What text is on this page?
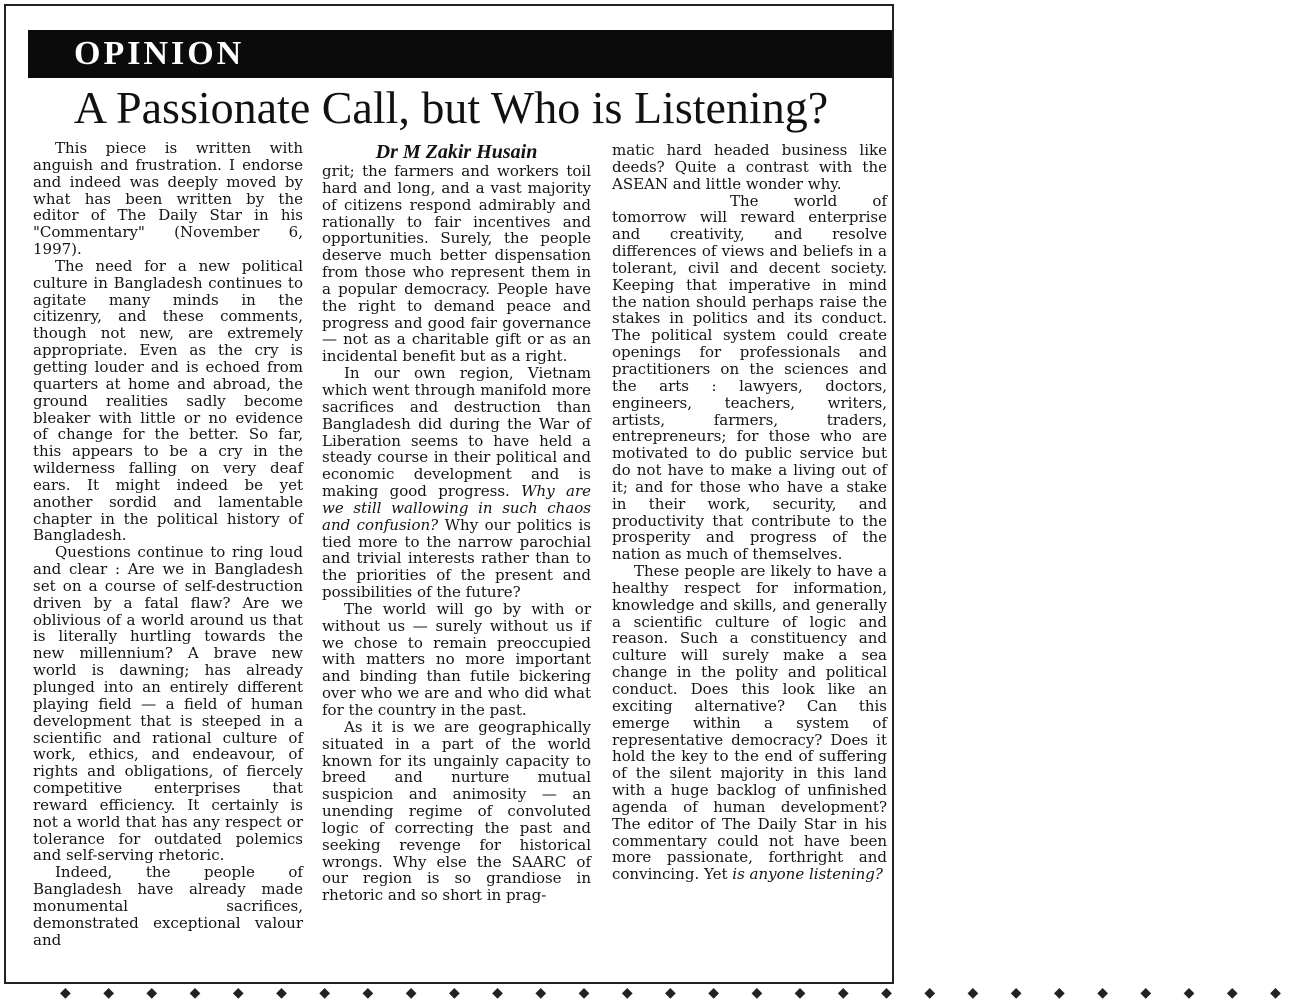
OPINION
A Passionate Call, but Who is Listening?

This piece is written with anguish and frustration. I endorse and indeed was deeply moved by what has been written by the editor of The Daily Star in his "Commentary" (November 6, 1997).

The need for a new political culture in Bangladesh continues to agitate many minds in the citizenry, and these comments, though not new, are extremely appropriate. Even as the cry is getting louder and is echoed from quarters at home and abroad, the ground realities sadly become bleaker with little or no evidence of change for the better. So far, this appears to be a cry in the wilderness falling on very deaf ears. It might indeed be yet another sordid and lamentable chapter in the political history of Bangladesh.

Questions continue to ring loud and clear : Are we in Bangladesh set on a course of self-destruction driven by a fatal flaw? Are we oblivious of a world around us that is literally hurtling towards the new millennium? A brave new world is dawning; has already plunged into an entirely different playing field — a field of human development that is steeped in a scientific and rational culture of work, ethics, and endeavour, of rights and obligations, of fiercely competitive enterprises that reward efficiency. It certainly is not a world that has any respect or tolerance for outdated polemics and self-serving rhetoric.

Indeed, the people of Bangladesh have already made monumental sacrifices, demonstrated exceptional valour and

Dr M Zakir Husain

grit; the farmers and workers toil hard and long, and a vast majority of citizens respond admirably and rationally to fair incentives and opportunities. Surely, the people deserve much better dispensation from those who represent them in a popular democracy. People have the right to demand peace and progress and good fair governance — not as a charitable gift or as an incidental benefit but as a right.

In our own region, Vietnam which went through manifold more sacrifices and destruction than Bangladesh did during the War of Liberation seems to have held a steady course in their political and economic development and is making good progress. Why are we still wallowing in such chaos and confusion? Why our politics is tied more to the narrow parochial and trivial interests rather than to the priorities of the present and possibilities of the future?

The world will go by with or without us — surely without us if we chose to remain preoccupied with matters no more important and binding than futile bickering over who we are and who did what for the country in the past.

As it is we are geographically situated in a part of the world known for its ungainly capacity to breed and nurture mutual suspicion and animosity — an unending regime of convoluted logic of correcting the past and seeking revenge for historical wrongs. Why else the SAARC of our region is so grandiose in rhetoric and so short in prag-

matic hard headed business like deeds? Quite a contrast with the ASEAN and little wonder why.

The world of tomorrow will reward enterprise and creativity, and resolve differences of views and beliefs in a tolerant, civil and decent society. Keeping that imperative in mind the nation should perhaps raise the stakes in politics and its conduct. The political system could create openings for professionals and practitioners on the sciences and the arts : lawyers, doctors, engineers, teachers, writers, artists, farmers, traders, entrepreneurs; for those who are motivated to do public service but do not have to make a living out of it; and for those who have a stake in their work, security, and productivity that contribute to the prosperity and progress of the nation as much of themselves.

These people are likely to have a healthy respect for information, knowledge and skills, and generally a scientific culture of logic and reason. Such a constituency and culture will surely make a sea change in the polity and political conduct. Does this look like an exciting alternative? Can this emerge within a system of representative democracy? Does it hold the key to the end of suffering of the silent majority in this land with a huge backlog of unfinished agenda of human development? The editor of The Daily Star in his commentary could not have been more passionate, forthright and convincing. Yet is anyone listening?

◆ ◆ ◆ ◆ ◆ ◆ ◆ ◆ ◆ ◆ ◆ ◆ ◆ ◆ ◆ ◆ ◆ ◆ ◆ ◆ ◆ ◆ ◆ ◆ ◆ ◆ ◆ ◆ ◆
